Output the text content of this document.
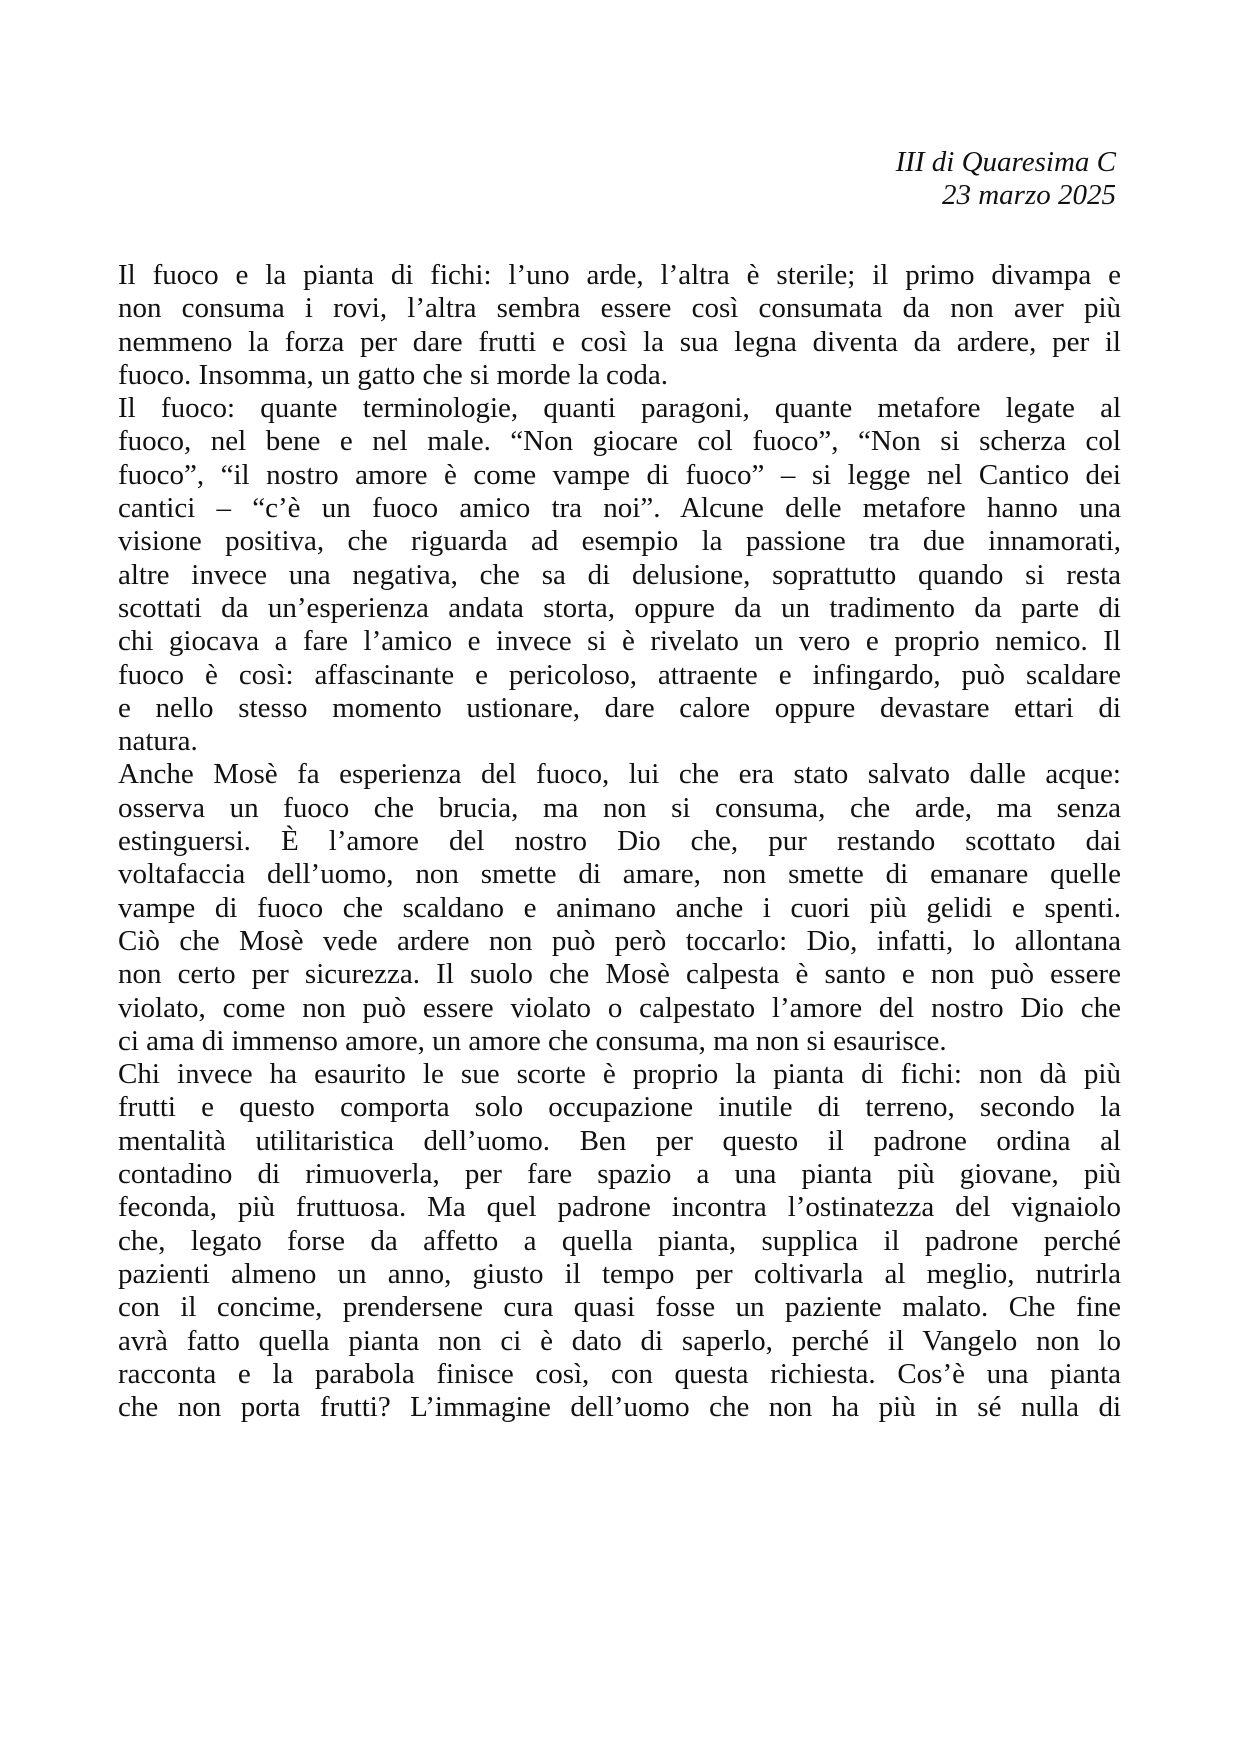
III di Quaresima C
23 marzo 2025
Il fuoco e la pianta di fichi: l’uno arde, l’altra è sterile; il primo divampa e
non consuma i rovi, l’altra sembra essere così consumata da non aver più
nemmeno la forza per dare frutti e così la sua legna diventa da ardere, per il
fuoco. Insomma, un gatto che si morde la coda.
Il fuoco: quante terminologie, quanti paragoni, quante metafore legate al
fuoco, nel bene e nel male. “Non giocare col fuoco”, “Non si scherza col
fuoco”, “il nostro amore è come vampe di fuoco” – si legge nel Cantico dei
cantici – “c’è un fuoco amico tra noi”. Alcune delle metafore hanno una
visione positiva, che riguarda ad esempio la passione tra due innamorati,
altre invece una negativa, che sa di delusione, soprattutto quando si resta
scottati da un’esperienza andata storta, oppure da un tradimento da parte di
chi giocava a fare l’amico e invece si è rivelato un vero e proprio nemico. Il
fuoco è così: affascinante e pericoloso, attraente e infingardo, può scaldare
e nello stesso momento ustionare, dare calore oppure devastare ettari di
natura.
Anche Mosè fa esperienza del fuoco, lui che era stato salvato dalle acque:
osserva un fuoco che brucia, ma non si consuma, che arde, ma senza
estinguersi. È l’amore del nostro Dio che, pur restando scottato dai
voltafaccia dell’uomo, non smette di amare, non smette di emanare quelle
vampe di fuoco che scaldano e animano anche i cuori più gelidi e spenti.
Ciò che Mosè vede ardere non può però toccarlo: Dio, infatti, lo allontana
non certo per sicurezza. Il suolo che Mosè calpesta è santo e non può essere
violato, come non può essere violato o calpestato l’amore del nostro Dio che
ci ama di immenso amore, un amore che consuma, ma non si esaurisce.
Chi invece ha esaurito le sue scorte è proprio la pianta di fichi: non dà più
frutti e questo comporta solo occupazione inutile di terreno, secondo la
mentalità utilitaristica dell’uomo. Ben per questo il padrone ordina al
contadino di rimuoverla, per fare spazio a una pianta più giovane, più
feconda, più fruttuosa. Ma quel padrone incontra l’ostinatezza del vignaiolo
che, legato forse da affetto a quella pianta, supplica il padrone perché
pazienti almeno un anno, giusto il tempo per coltivarla al meglio, nutrirla
con il concime, prendersene cura quasi fosse un paziente malato. Che fine
avrà fatto quella pianta non ci è dato di saperlo, perché il Vangelo non lo
racconta e la parabola finisce così, con questa richiesta. Cos’è una pianta
che non porta frutti? L’immagine dell’uomo che non ha più in sé nulla di
